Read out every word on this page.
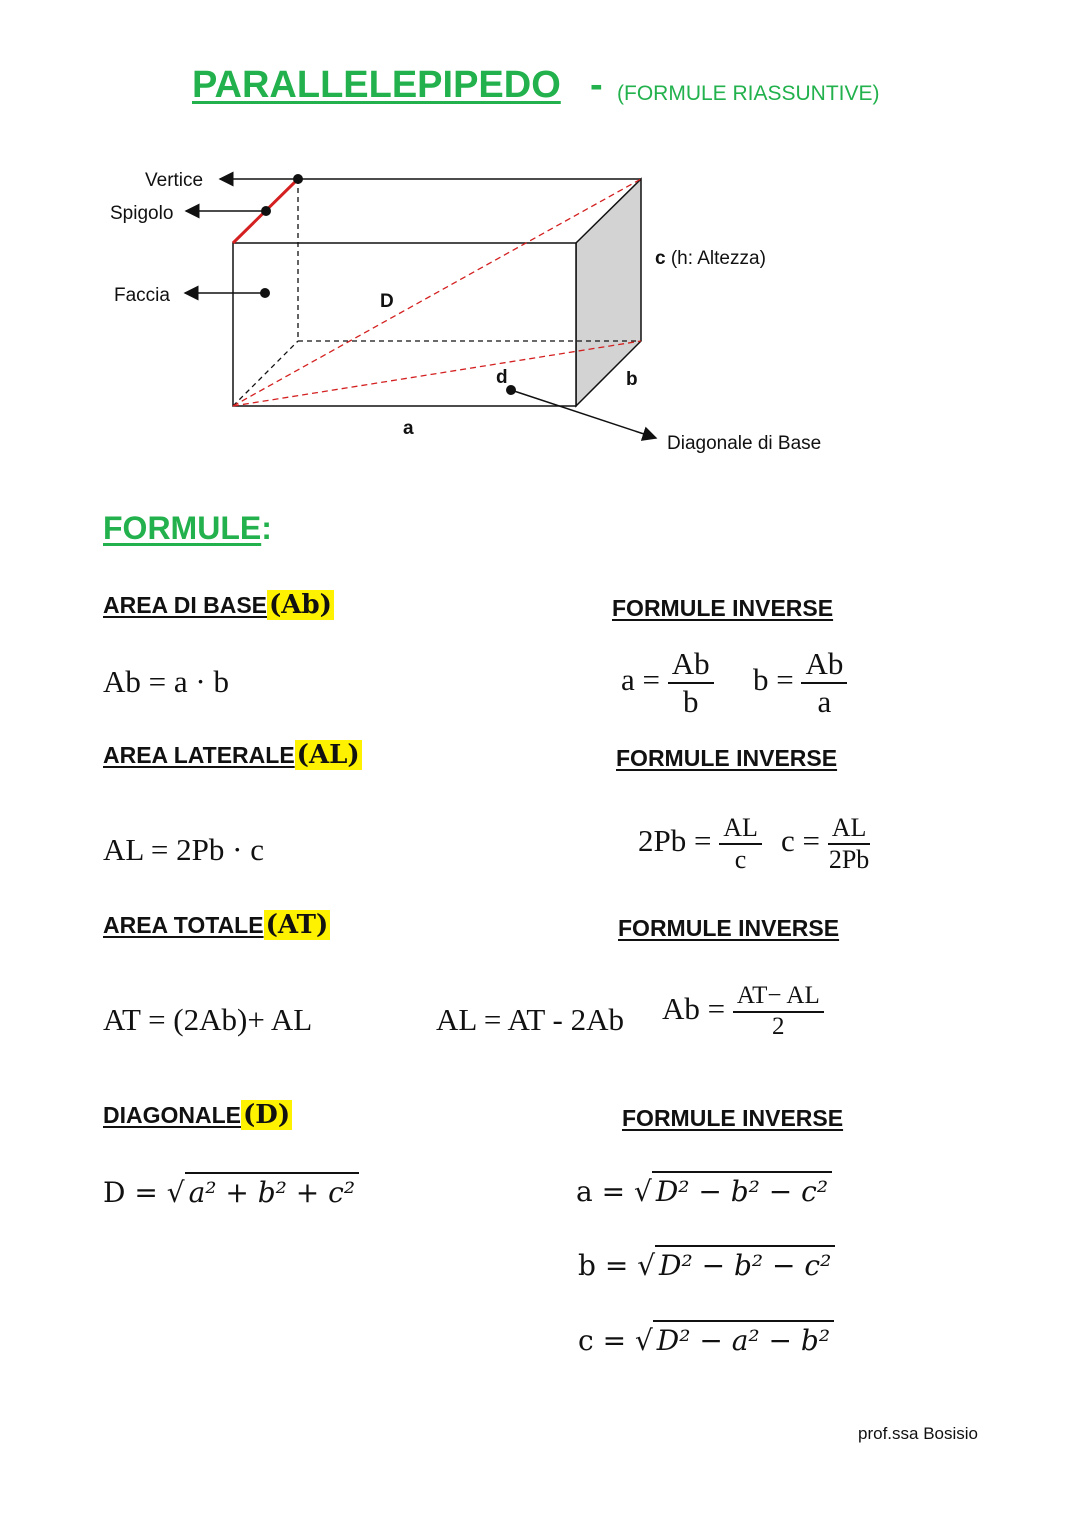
PARALLELEPIPEDO - (FORMULE RIASSUNTIVE)
Vertice
Spigolo
Faccia	D
d
a
b
c (h: Altezza)
Diagonale di Base
FORMULE:
AREA DI BASE(Ab)	FORMULE INVERSE
Ab = a · b	$a = \frac{Ab}{b}$ $b = \frac{Ab}{a}$
AREA LATERALE(AL)	FORMULE INVERSE
AL = 2Pb · c	$2Pb = \frac{AL}{c}$ $c = \frac{AL}{2Pb}$
AREA TOTALE(AT)	FORMULE INVERSE
AT = (2Ab)+ AL	AL = AT - 2Ab $Ab = \frac{AT- AL}{2}$
DIAGONALE(D)	FORMULE INVERSE
D = √ a² + b² + c²	a = √ D² − b² − c²
b = √ D² − b² − c²
c = √ D² − a² − b²
prof.ssa Bosisio
